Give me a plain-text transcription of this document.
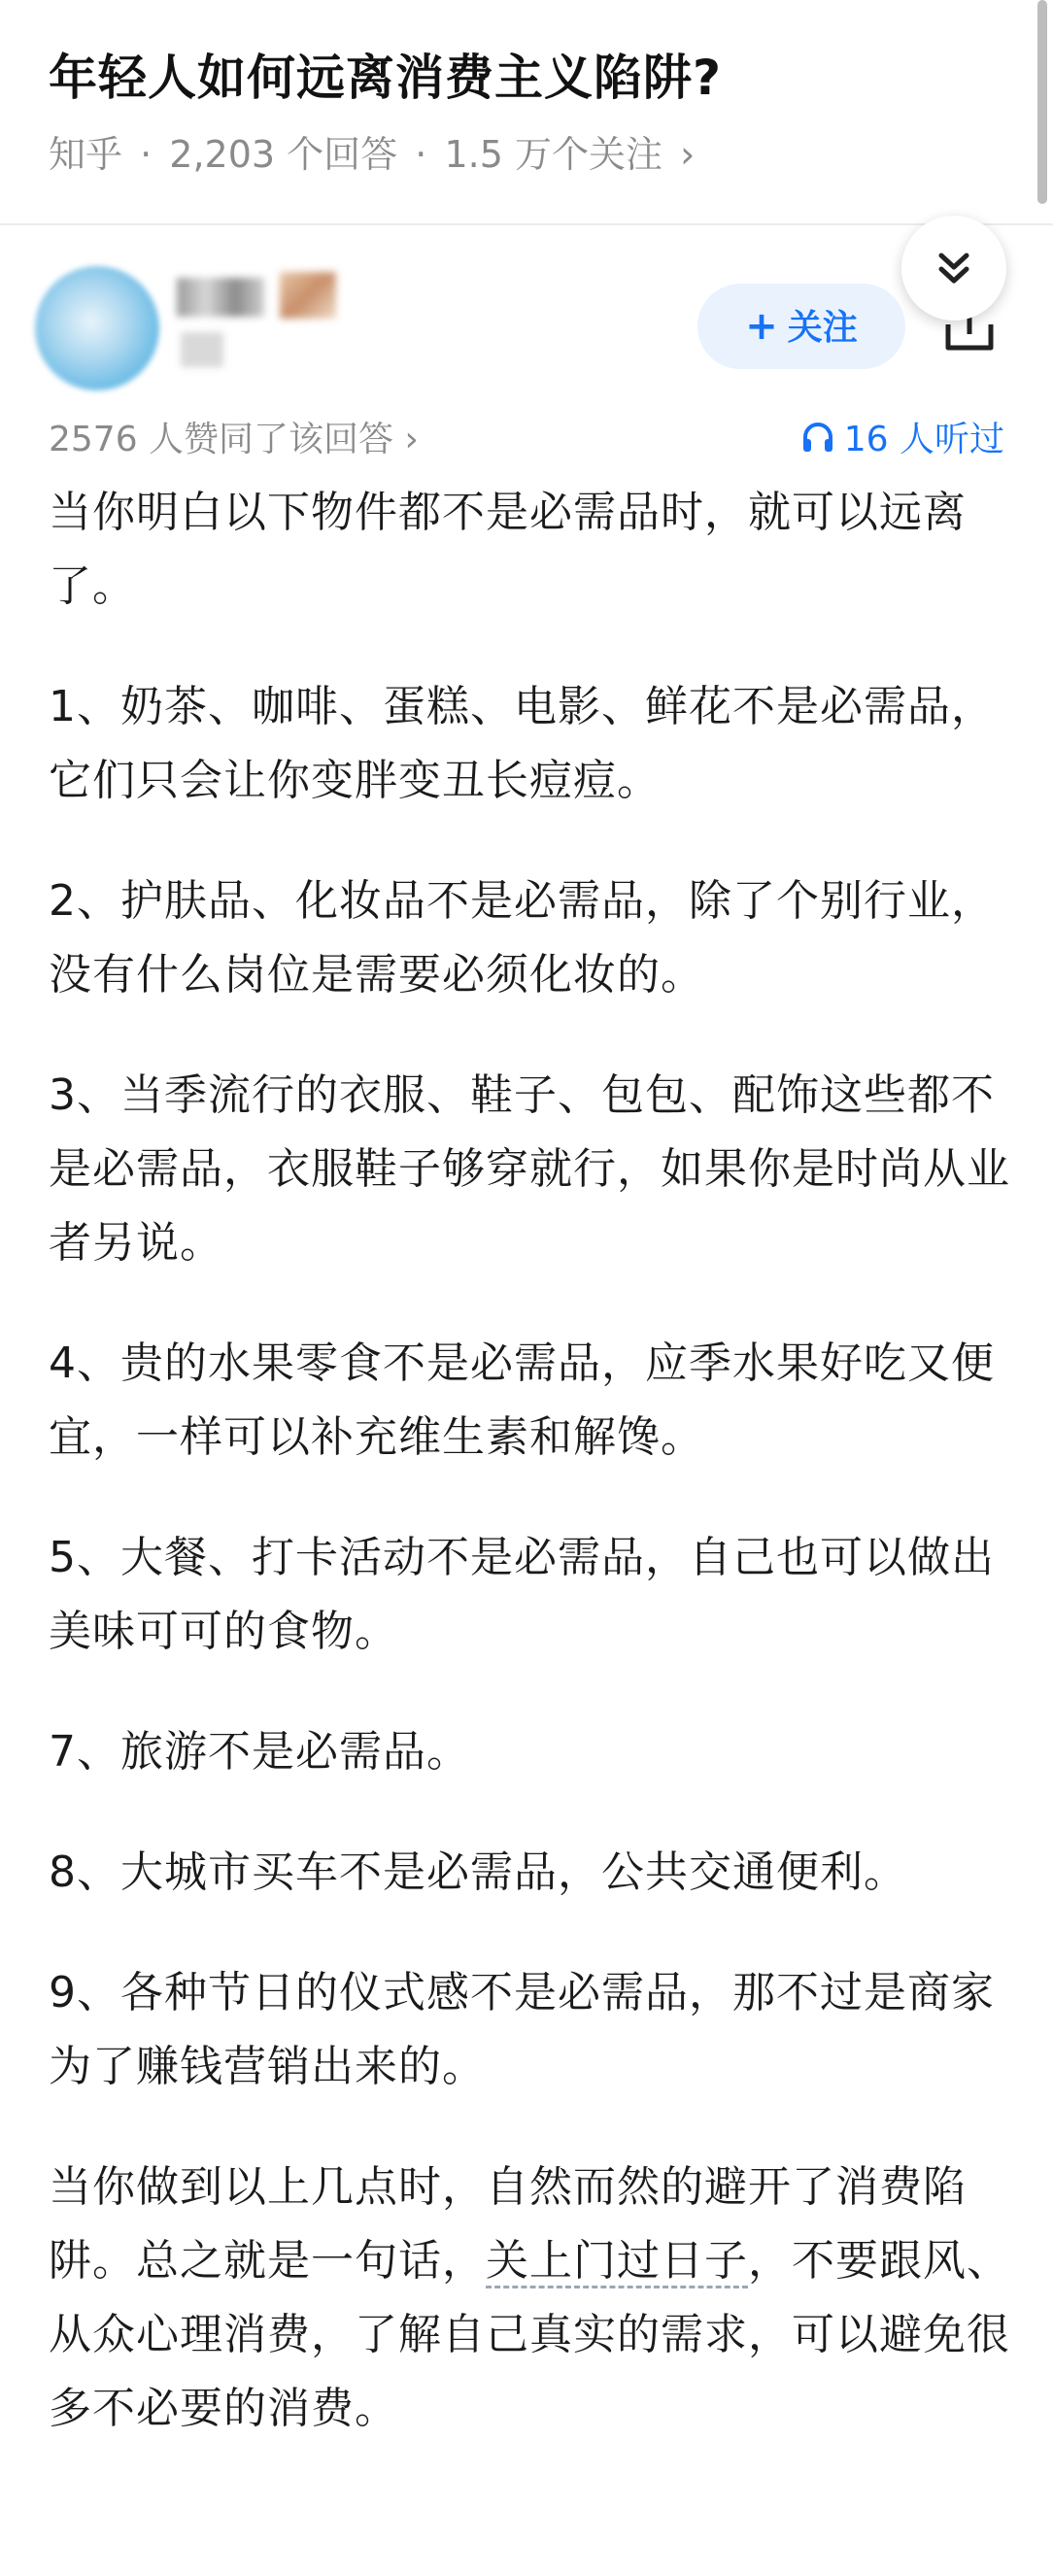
年轻人如何远离消费主义陷阱?
知乎 · 2,203 个回答 · 1.5 万个关注 ›
+ 关注
2576 人赞同了该回答 ›	16 人听过

当你明白以下物件都不是必需品时，就可以远离了。

1、奶茶、咖啡、蛋糕、电影、鲜花不是必需品，它们只会让你变胖变丑长痘痘。

2、护肤品、化妆品不是必需品，除了个别行业，没有什么岗位是需要必须化妆的。

3、当季流行的衣服、鞋子、包包、配饰这些都不是必需品，衣服鞋子够穿就行，如果你是时尚从业者另说。

4、贵的水果零食不是必需品，应季水果好吃又便宜，一样可以补充维生素和解馋。

5、大餐、打卡活动不是必需品，自己也可以做出美味可可的食物。

7、旅游不是必需品。

8、大城市买车不是必需品，公共交通便利。

9、各种节日的仪式感不是必需品，那不过是商家为了赚钱营销出来的。

当你做到以上几点时，自然而然的避开了消费陷阱。总之就是一句话，关上门过日子，不要跟风、从众心理消费，了解自己真实的需求，可以避免很多不必要的消费。
